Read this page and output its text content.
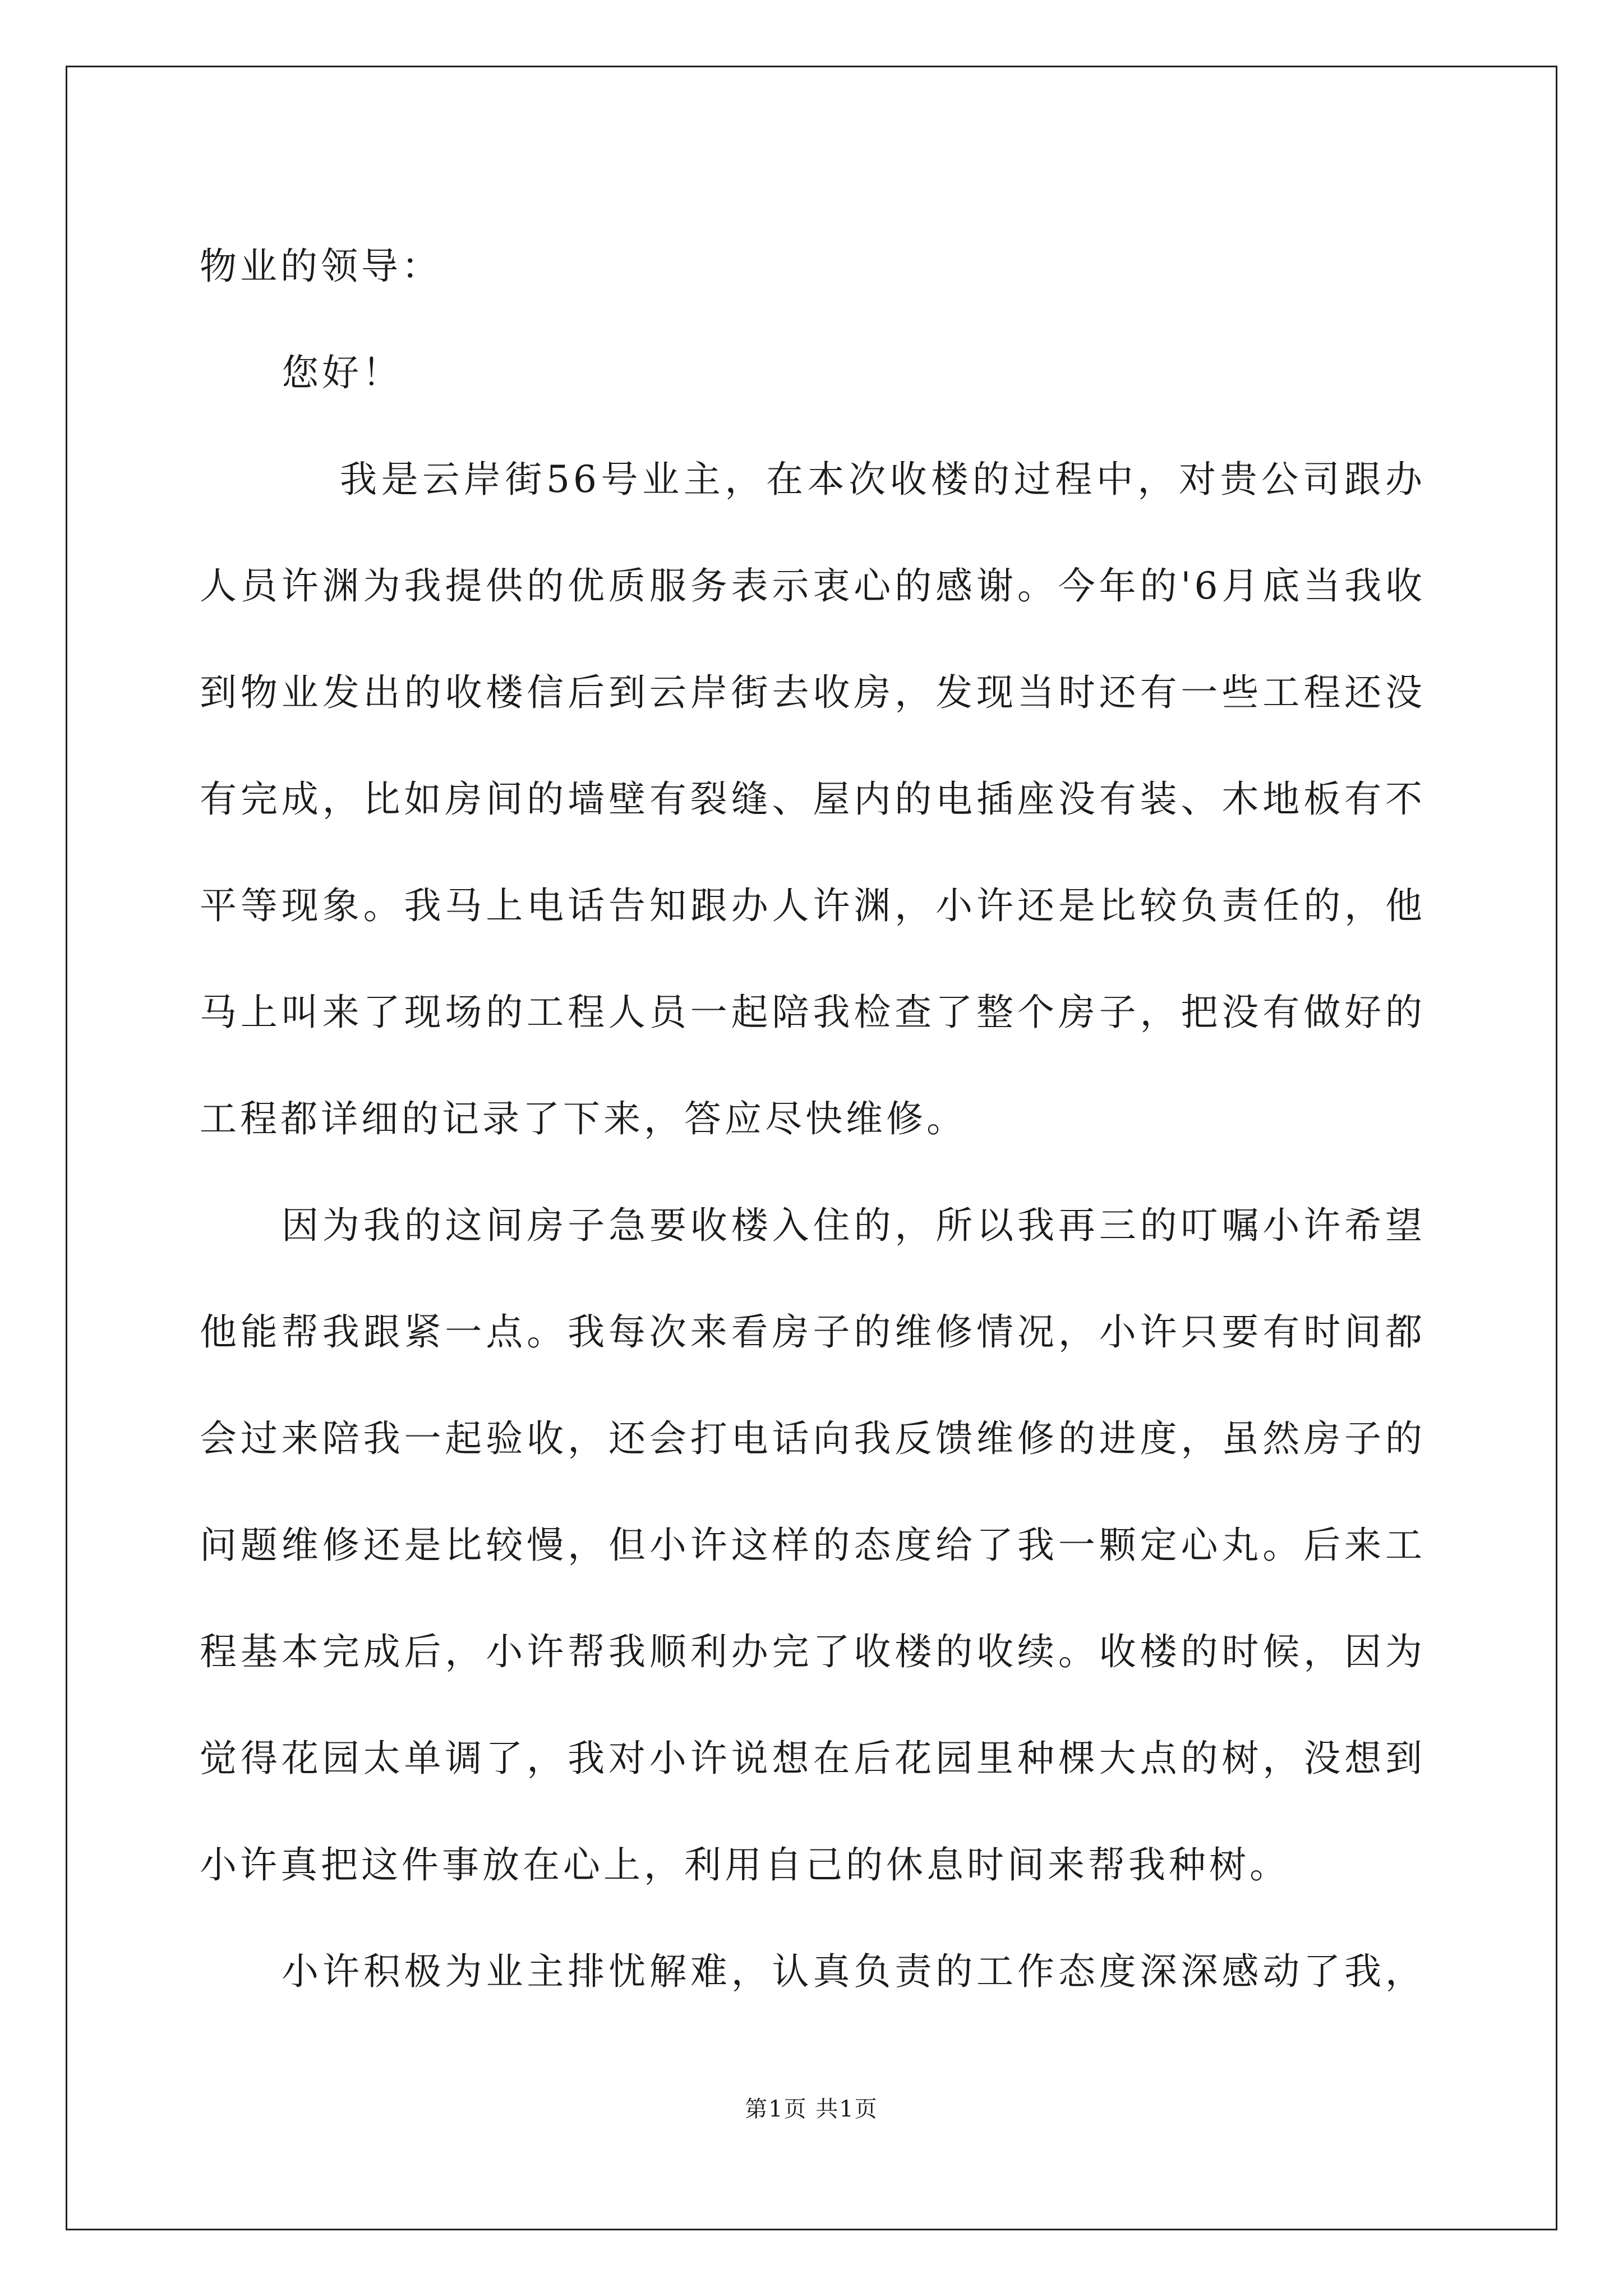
物业的领导：
您好！
我是云岸街56号业主，在本次收楼的过程中，对贵公司跟办
人员许渊为我提供的优质服务表示衷心的感谢。今年的'6月底当我收
到物业发出的收楼信后到云岸街去收房，发现当时还有一些工程还没
有完成，比如房间的墙壁有裂缝、屋内的电插座没有装、木地板有不
平等现象。我马上电话告知跟办人许渊，小许还是比较负责任的，他
马上叫来了现场的工程人员一起陪我检查了整个房子，把没有做好的
工程都详细的记录了下来，答应尽快维修。
因为我的这间房子急要收楼入住的，所以我再三的叮嘱小许希望
他能帮我跟紧一点。我每次来看房子的维修情况，小许只要有时间都
会过来陪我一起验收，还会打电话向我反馈维修的进度，虽然房子的
问题维修还是比较慢，但小许这样的态度给了我一颗定心丸。后来工
程基本完成后，小许帮我顺利办完了收楼的收续。收楼的时候，因为
觉得花园太单调了，我对小许说想在后花园里种棵大点的树，没想到
小许真把这件事放在心上，利用自己的休息时间来帮我种树。
小许积极为业主排忧解难，认真负责的工作态度深深感动了我，
第1页 共1页
